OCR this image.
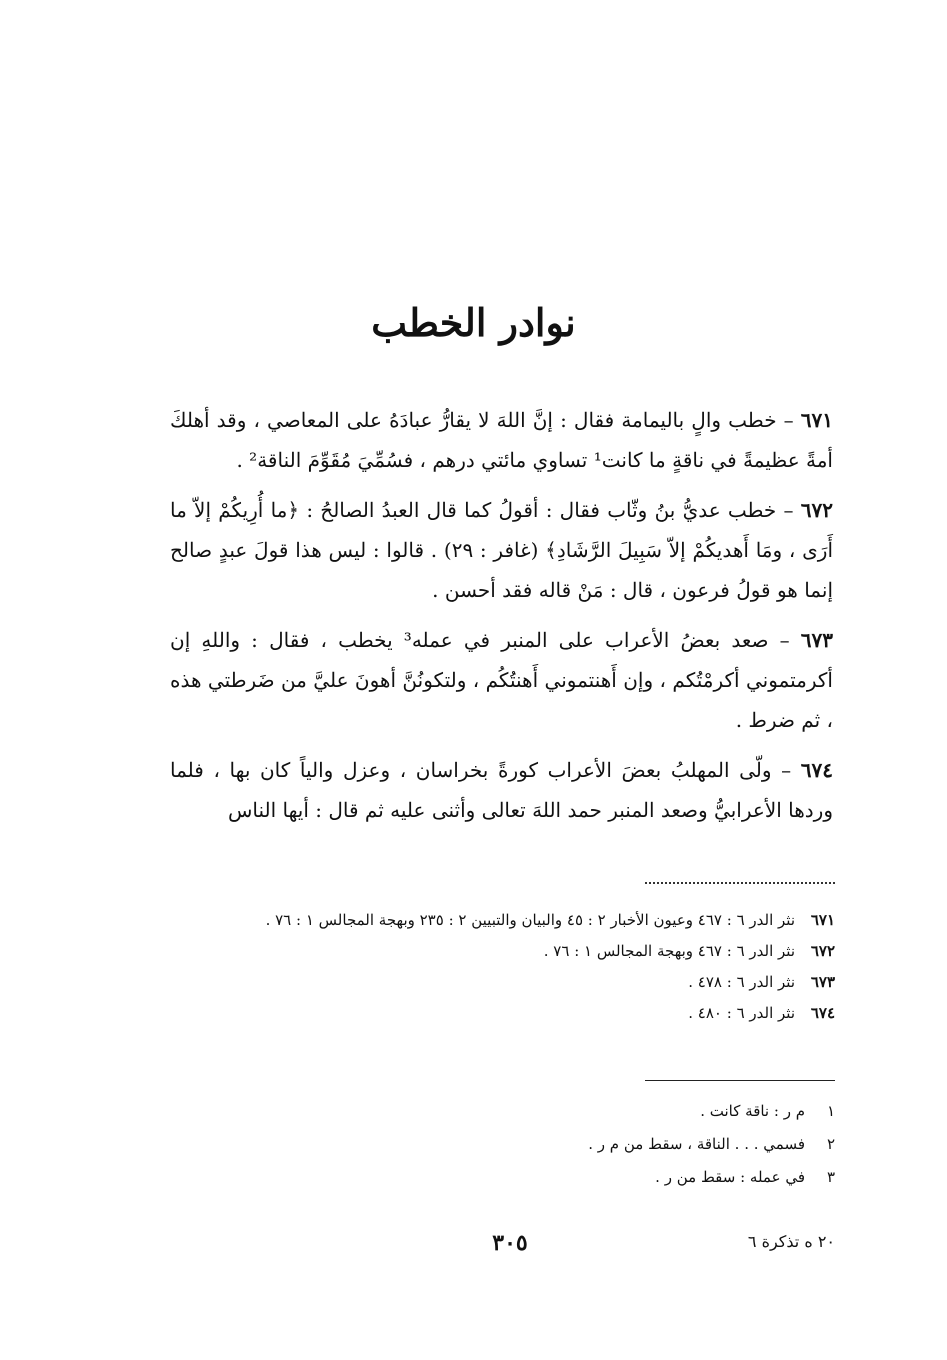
نوادر الخطب

٦٧١ – خطب والٍ باليمامة فقال : إنَّ اللهَ لا يقارُّ عبادَهُ على المعاصي ، وقد أهلكَ أمةً عظيمةً في ناقةٍ ما كانت¹ تساوي مائتي درهم ، فسُمِّيَ مُقَوِّمَ الناقة² .

٦٧٢ – خطب عديُّ بنُ وثّاب فقال : أقولُ كما قال العبدُ الصالحُ : ﴿ما أُرِيكُمْ إلاّ ما أَرَى ، ومَا أَهديكُمْ إلاّ سَبِيلَ الرَّشَادِ﴾ (غافر : ٢٩) . قالوا : ليس هذا قولَ عبدٍ صالح إنما هو قولُ فرعون ، قال : مَنْ قاله فقد أحسن .

٦٧٣ – صعد بعضُ الأعراب على المنبر في عمله³ يخطب ، فقال : واللهِ إن أكرمتموني أكرمْتُكم ، وإن أَهنتموني أَهنتُكُم ، ولتكونُنَّ أهونَ عليَّ من ضَرطتي هذه ، ثم ضرط .

٦٧٤ – ولّى المهلبُ بعضَ الأعراب كورةً بخراسان ، وعزل والياً كان بها ، فلما وردها الأعرابيُّ وصعد المنبر حمد اللهَ تعالى وأثنى عليه ثم قال : أيها الناس

٦٧١
نثر الدر ٦ : ٤٦٧ وعيون الأخبار ٢ : ٤٥ والبيان والتبيين ٢ : ٢٣٥ وبهجة المجالس ١ : ٧٦ .
٦٧٢
نثر الدر ٦ : ٤٦٧ وبهجة المجالس ١ : ٧٦ .
٦٧٣
نثر الدر ٦ : ٤٧٨ .
٦٧٤
نثر الدر ٦ : ٤٨٠ .
١
م ر : ناقة كانت .
٢
فسمي . . . الناقة ، سقط من م ر .
٣
في عمله : سقط من ر .
٣٠٥	٢٠ ه تذكرة ٦
